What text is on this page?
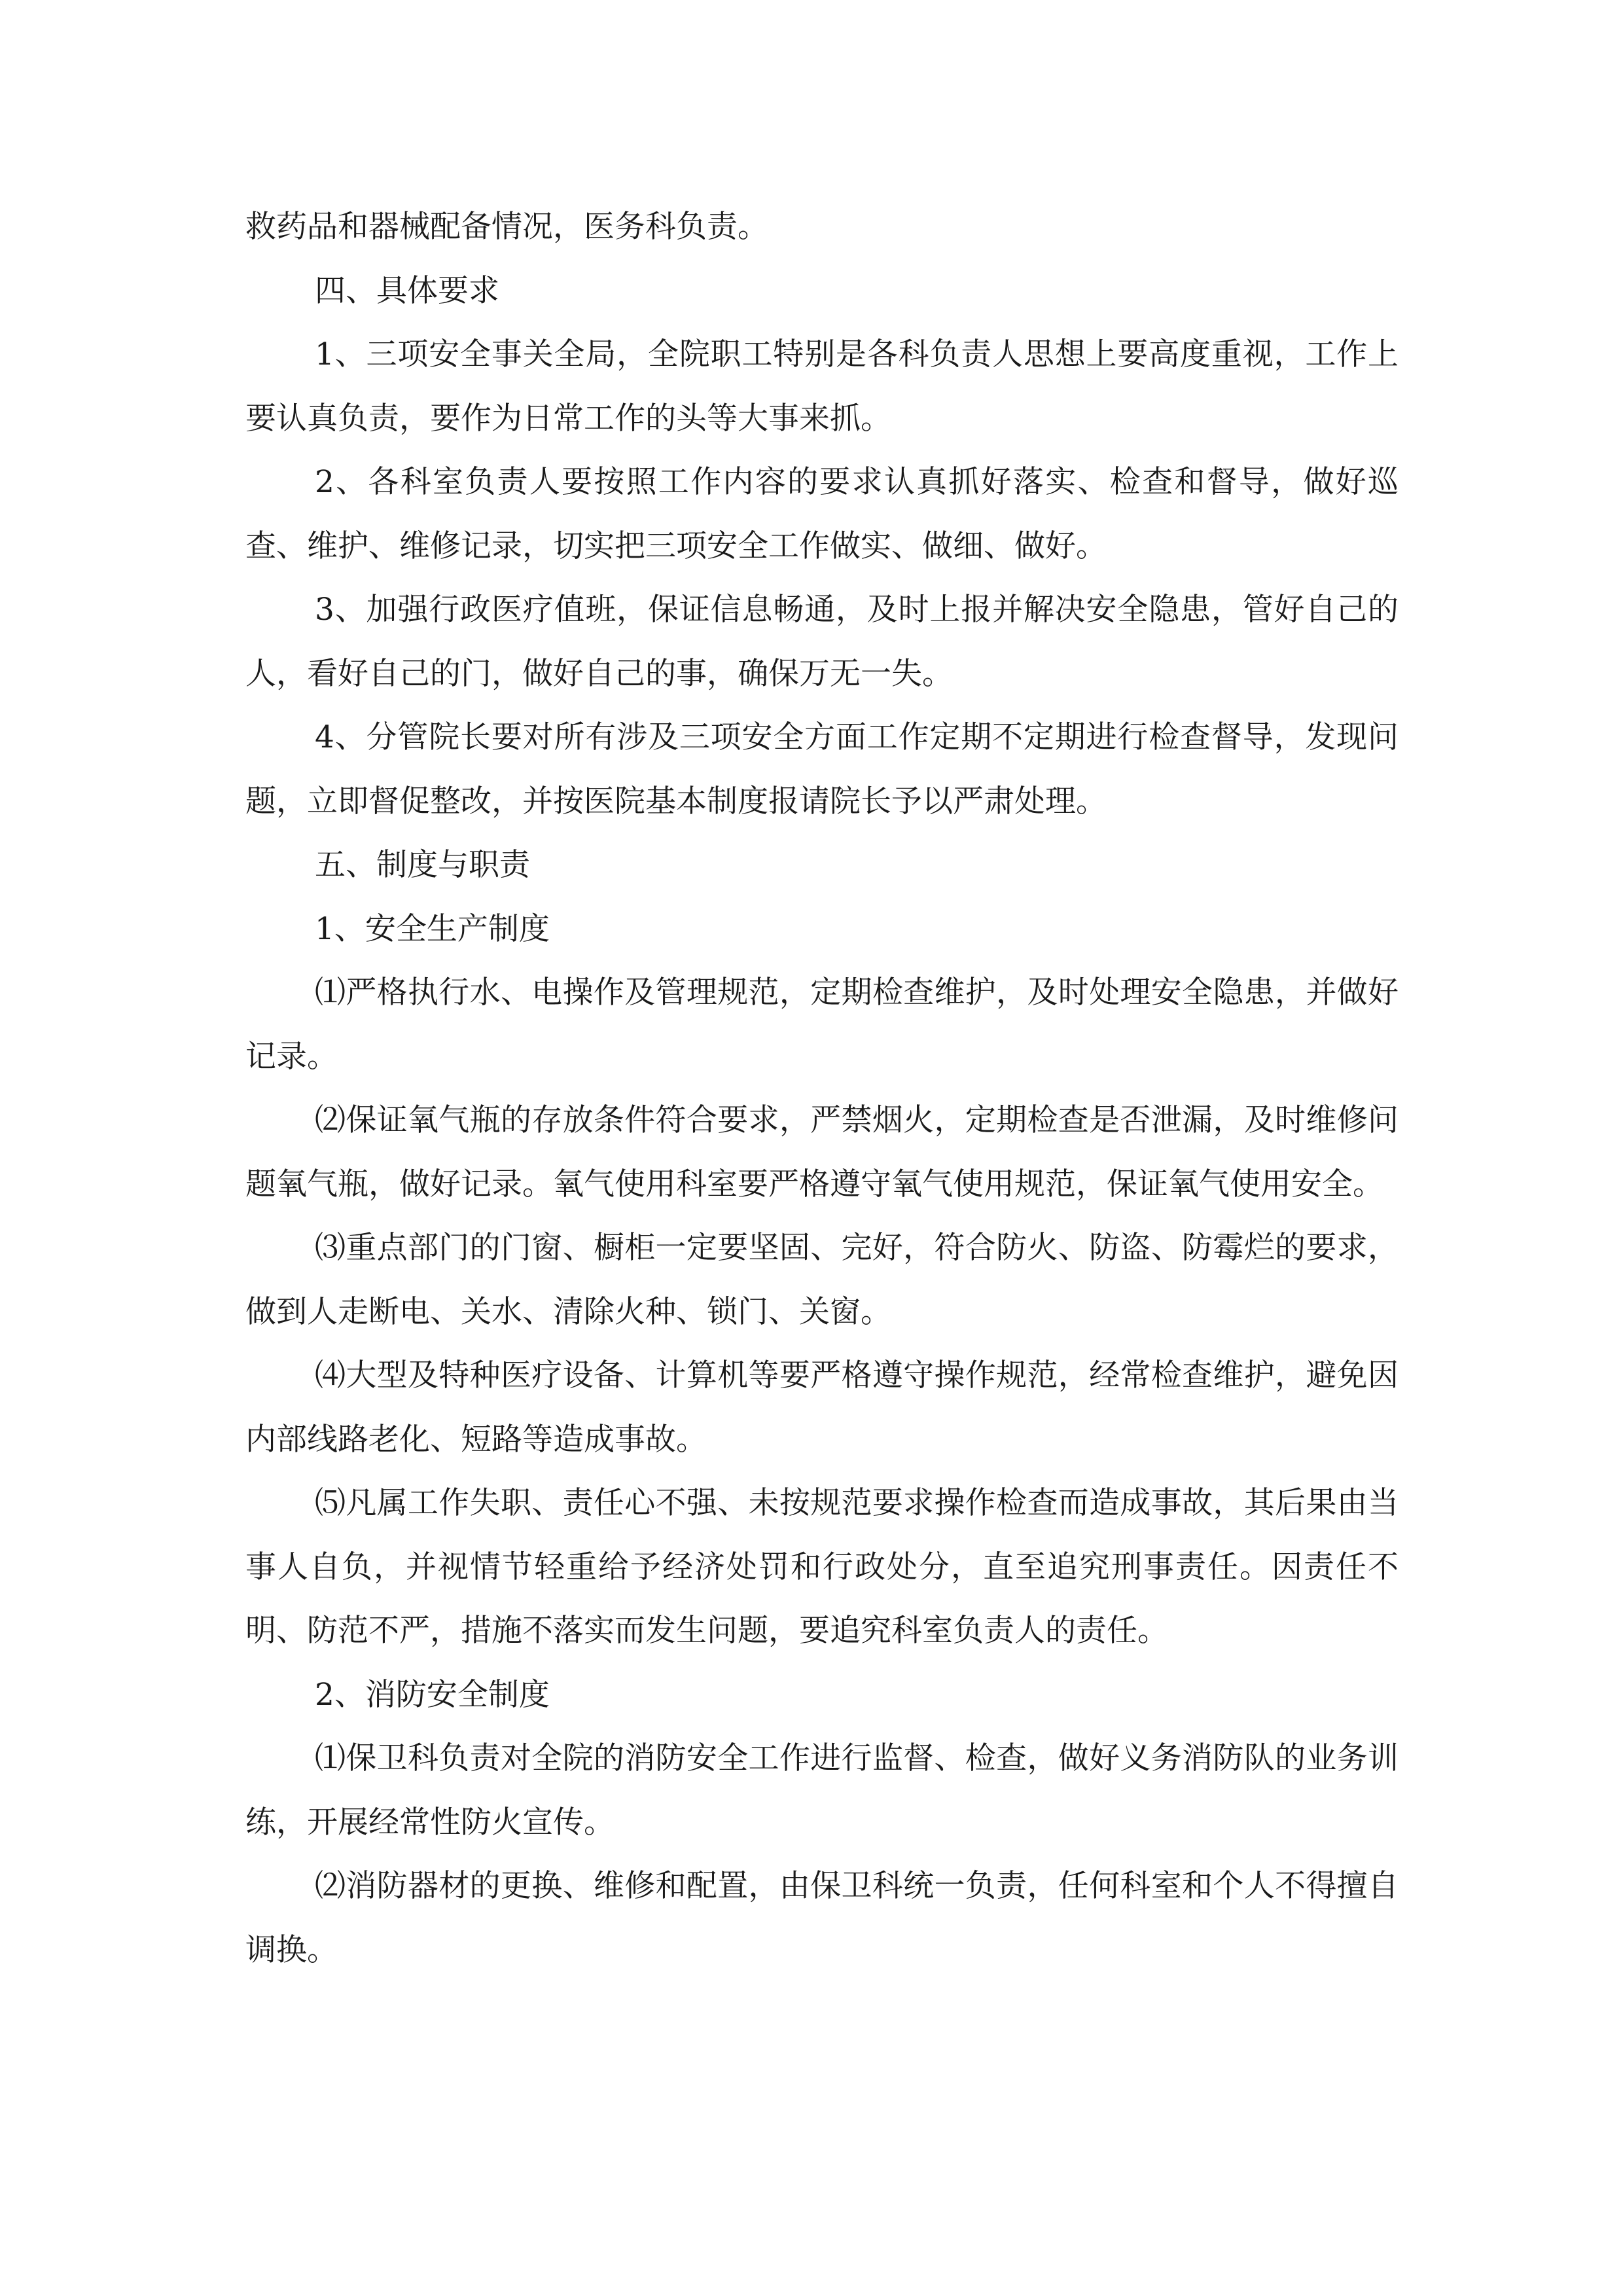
救药品和器械配备情况，医务科负责。

四、具体要求

1、三项安全事关全局，全院职工特别是各科负责人思想上要高度重视，工作上要认真负责，要作为日常工作的头等大事来抓。

2、各科室负责人要按照工作内容的要求认真抓好落实、检查和督导，做好巡查、维护、维修记录，切实把三项安全工作做实、做细、做好。

3、加强行政医疗值班，保证信息畅通，及时上报并解决安全隐患，管好自己的人，看好自己的门，做好自己的事，确保万无一失。

4、分管院长要对所有涉及三项安全方面工作定期不定期进行检查督导，发现问题，立即督促整改，并按医院基本制度报请院长予以严肃处理。

五、制度与职责

1、安全生产制度

⑴严格执行水、电操作及管理规范，定期检查维护，及时处理安全隐患，并做好记录。

⑵保证氧气瓶的存放条件符合要求，严禁烟火，定期检查是否泄漏，及时维修问题氧气瓶，做好记录。氧气使用科室要严格遵守氧气使用规范，保证氧气使用安全。

⑶重点部门的门窗、橱柜一定要坚固、完好，符合防火、防盗、防霉烂的要求，做到人走断电、关水、清除火种、锁门、关窗。

⑷大型及特种医疗设备、计算机等要严格遵守操作规范，经常检查维护，避免因内部线路老化、短路等造成事故。

⑸凡属工作失职、责任心不强、未按规范要求操作检查而造成事故，其后果由当事人自负，并视情节轻重给予经济处罚和行政处分，直至追究刑事责任。因责任不明、防范不严，措施不落实而发生问题，要追究科室负责人的责任。

2、消防安全制度

⑴保卫科负责对全院的消防安全工作进行监督、检查，做好义务消防队的业务训练，开展经常性防火宣传。

⑵消防器材的更换、维修和配置，由保卫科统一负责，任何科室和个人不得擅自调换。
